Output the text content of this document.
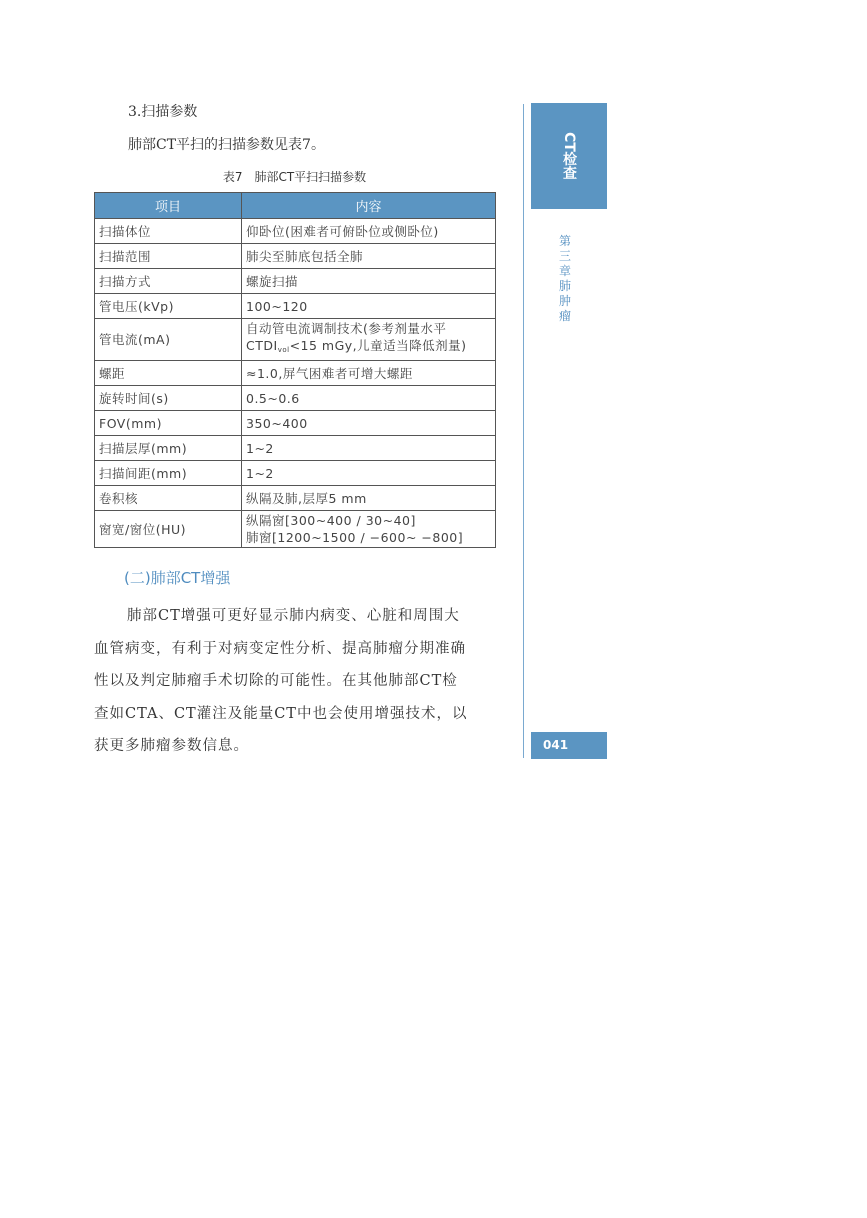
3.扫描参数
肺部CT平扫的扫描参数见表7。
表7　肺部CT平扫扫描参数
项目	内容
扫描体位	仰卧位(困难者可俯卧位或侧卧位)
扫描范围	肺尖至肺底包括全肺
扫描方式	螺旋扫描
管电压(kVp)	100~120
管电流(mA)	自动管电流调制技术(参考剂量水平
$CTDI_{vol}<15$ mGy,儿童适当降低剂量)
螺距	≈1.0,屏气困难者可增大螺距
旋转时间(s)	0.5~0.6
FOV(mm)	350~400
扫描层厚(mm)	1~2
扫描间距(mm)	1~2
卷积核	纵隔及肺,层厚5 mm
窗宽/窗位(HU)	纵隔窗[300~400 / 30~40]
肺窗[1200~1500 / −600~ −800]
(二)肺部CT增强
肺部CT增强可更好显示肺内病变、心脏和周围大
血管病变，有利于对病变定性分析、提高肺瘤分期准确
性以及判定肺瘤手术切除的可能性。在其他肺部CT检
查如CTA、CT灌注及能量CT中也会使用增强技术，以
获更多肺瘤参数信息。
CT检查
第三章　肺肿瘤
041
